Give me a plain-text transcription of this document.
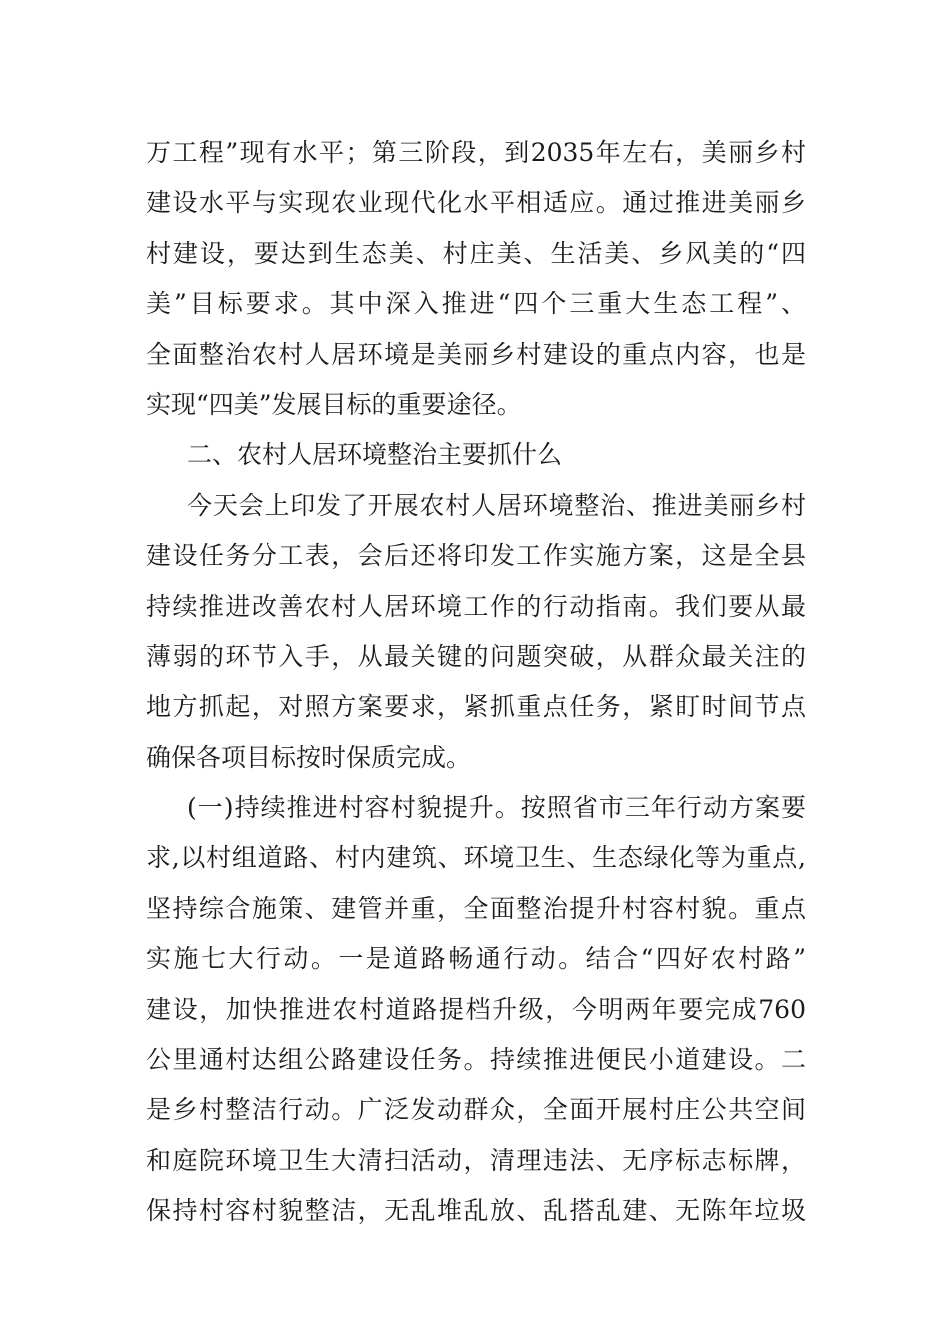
万工程”现有水平；第三阶段，到2035年左右，美丽乡村
建设水平与实现农业现代化水平相适应。通过推进美丽乡
村建设，要达到生态美、村庄美、生活美、乡风美的“四
美”目标要求。其中深入推进“四个三重大生态工程”、
全面整治农村人居环境是美丽乡村建设的重点内容，也是
实现“四美”发展目标的重要途径。
二、农村人居环境整治主要抓什么
今天会上印发了开展农村人居环境整治、推进美丽乡村
建设任务分工表，会后还将印发工作实施方案，这是全县
持续推进改善农村人居环境工作的行动指南。我们要从最
薄弱的环节入手，从最关键的问题突破，从群众最关注的
地方抓起，对照方案要求，紧抓重点任务，紧盯时间节点
确保各项目标按时保质完成。
(一)持续推进村容村貌提升。按照省市三年行动方案要
求,以村组道路、村内建筑、环境卫生、生态绿化等为重点,
坚持综合施策、建管并重，全面整治提升村容村貌。重点
实施七大行动。一是道路畅通行动。结合“四好农村路”
建设，加快推进农村道路提档升级，今明两年要完成760
公里通村达组公路建设任务。持续推进便民小道建设。二
是乡村整洁行动。广泛发动群众，全面开展村庄公共空间
和庭院环境卫生大清扫活动，清理违法、无序标志标牌，
保持村容村貌整洁，无乱堆乱放、乱搭乱建、无陈年垃圾
